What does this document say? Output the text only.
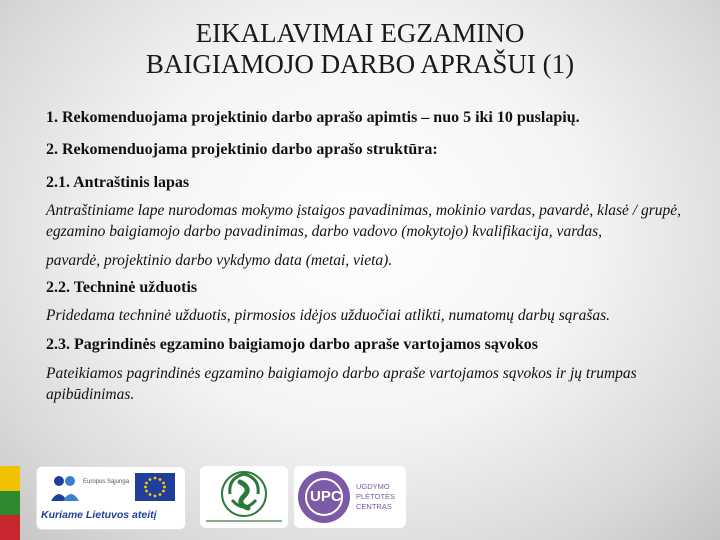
EIKALAVIMAI EGZAMINO
BAIGIAMOJO DARBO APRAŠUI (1)

1. Rekomenduojama projektinio darbo aprašo apimtis – nuo 5 iki 10 puslapių.

2. Rekomenduojama projektinio darbo aprašo struktūra:

2.1. Antraštinis lapas

Antraštiniame lape nurodomas mokymo įstaigos pavadinimas, mokinio vardas, pavardė, klasė / grupė, egzamino baigiamojo darbo pavadinimas, darbo vadovo (mokytojo) kvalifikacija, vardas,

pavardė, projektinio darbo vykdymo data (metai, vieta).

2.2. Techninė užduotis

Pridedama techninė užduotis, pirmosios idėjos užduočiai atlikti, numatomų darbų sąrašas.

2.3. Pagrindinės egzamino baigiamojo darbo apraše vartojamos sąvokos

Pateikiamos pagrindinės egzamino baigiamojo darbo apraše vartojamos sąvokos ir jų trumpas apibūdinimas.

Europos Sąjunga
Kuriame Lietuvos ateitį
UPC
UGDYMO
PLĖTOTĖS
CENTRAS
